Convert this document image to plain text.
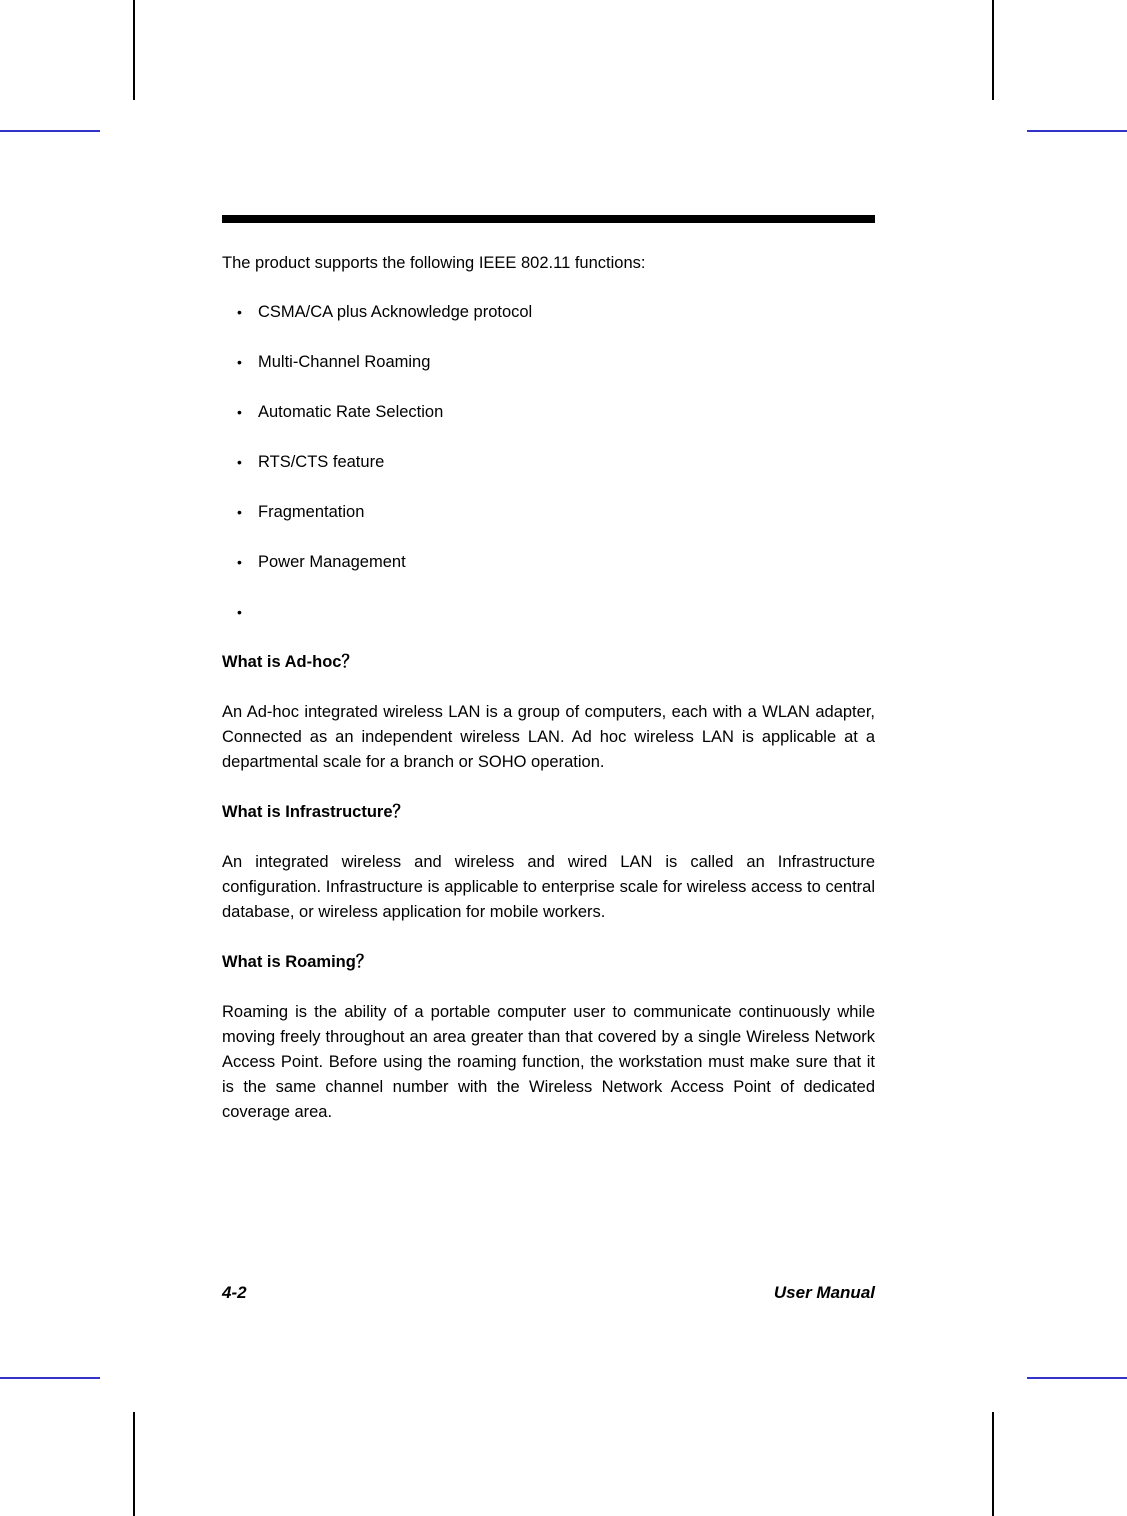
The product supports the following IEEE 802.11 functions:

• CSMA/CA plus Acknowledge protocol
• Multi-Channel Roaming
• Automatic Rate Selection
• RTS/CTS feature
• Fragmentation
• Power Management
•
What is Ad-hoc？

An Ad-hoc integrated wireless LAN is a group of computers, each with a WLAN adapter, Connected as an independent wireless LAN. Ad hoc wireless LAN is applicable at a departmental scale for a branch or SOHO operation.

What is Infrastructure？

An integrated wireless and wireless and wired LAN is called an Infrastructure configuration. Infrastructure is applicable to enterprise scale for wireless access to central database, or wireless application for mobile workers.

What is Roaming？

Roaming is the ability of a portable computer user to communicate continuously while moving freely throughout an area greater than that covered by a single Wireless Network Access Point. Before using the roaming function, the workstation must make sure that it is the same channel number with the Wireless Network Access Point of dedicated coverage area.

4-2	User Manual
